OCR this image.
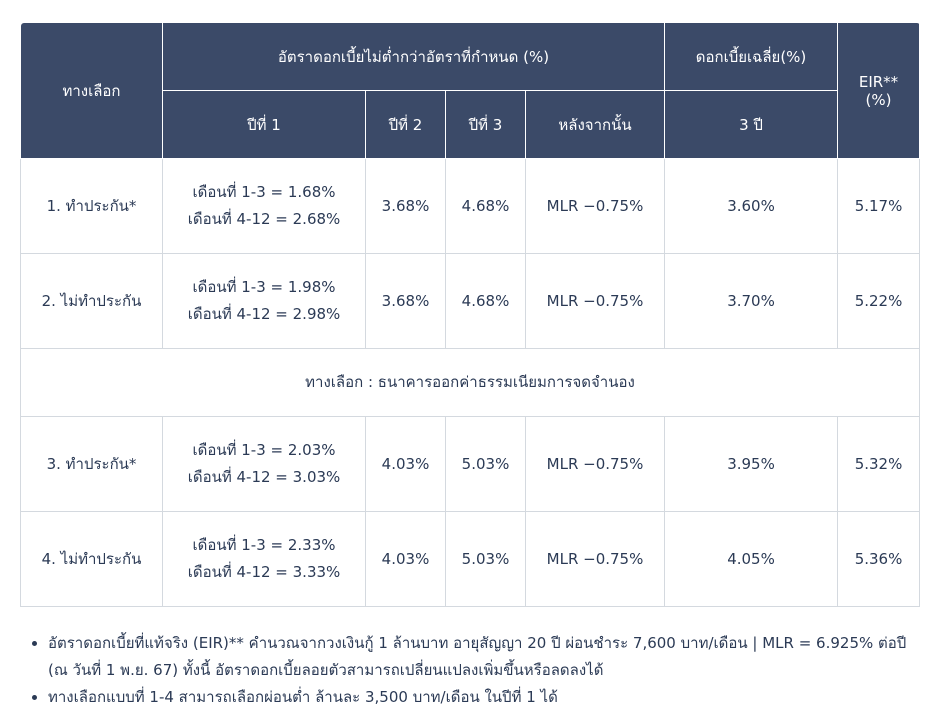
ทางเลือก	อัตราดอกเบี้ยไม่ต่ำกว่าอัตราที่กำหนด (%)				ดอกเบี้ยเฉลี่ย(%)	EIR**
(%)
	ปีที่ 1	ปีที่ 2	ปีที่ 3	หลังจากนั้น	3 ปี	
1. ทำประกัน*	เดือนที่ 1-3 = 1.68%
เดือนที่ 4-12 = 2.68%	3.68%	4.68%	MLR −0.75%	3.60%	5.17%
2. ไม่ทำประกัน	เดือนที่ 1-3 = 1.98%
เดือนที่ 4-12 = 2.98%	3.68%	4.68%	MLR −0.75%	3.70%	5.22%
ทางเลือก : ธนาคารออกค่าธรรมเนียมการจดจำนอง						
3. ทำประกัน*	เดือนที่ 1-3 = 2.03%
เดือนที่ 4-12 = 3.03%	4.03%	5.03%	MLR −0.75%	3.95%	5.32%
4. ไม่ทำประกัน	เดือนที่ 1-3 = 2.33%
เดือนที่ 4-12 = 3.33%	4.03%	5.03%	MLR −0.75%	4.05%	5.36%
• อัตราดอกเบี้ยที่แท้จริง (EIR)** คำนวณจากวงเงินกู้ 1 ล้านบาท อายุสัญญา 20 ปี ผ่อนชำระ 7,600 บาท/เดือน | MLR = 6.925% ต่อปี (ณ วันที่ 1 พ.ย. 67) ทั้งนี้ อัตราดอกเบี้ยลอยตัวสามารถเปลี่ยนแปลงเพิ่มขึ้นหรือลดลงได้
• ทางเลือกแบบที่ 1-4 สามารถเลือกผ่อนต่ำ ล้านละ 3,500 บาท/เดือน ในปีที่ 1 ได้
